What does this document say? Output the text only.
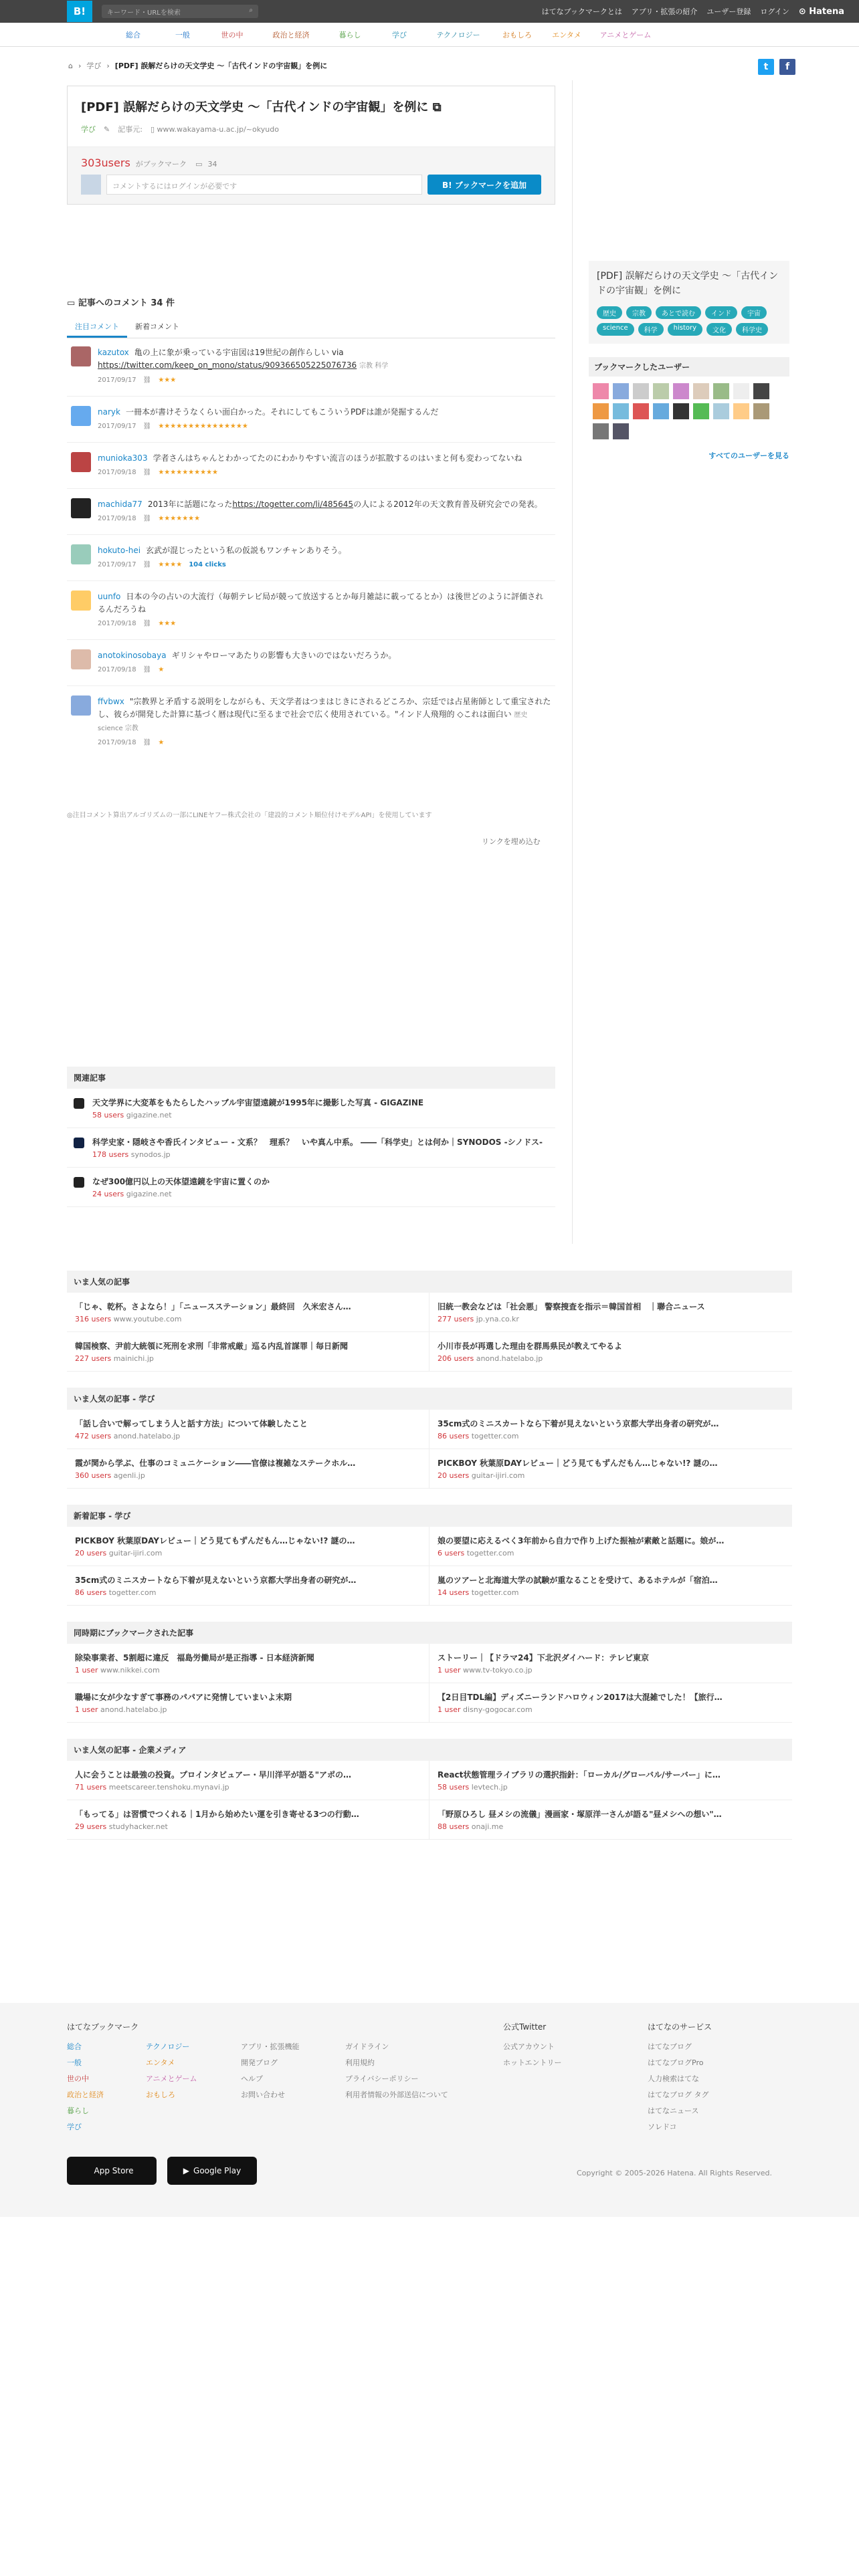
B!	キーワード・URLを検索	⌕	はてなブックマークとは アプリ・拡張の紹介 ユーザー登録 ログイン ⊙ Hatena
総合	一般	世の中	政治と経済	暮らし	学び	テクノロジー	おもしろ	エンタメ	アニメとゲーム
⌂ › 学び › [PDF] 誤解だらけの天文学史 〜「古代インドの宇宙観」を例に	t	f
[PDF] 誤解だらけの天文学史 〜「古代インドの宇宙観」を例に ⧉
学び ✎ 記事元: ▯ www.wakayama-u.ac.jp/~okyudo
303users がブックマーク ▭ 34
コメントするにはログインが必要です	B! ブックマークを追加
[PDF] 誤解だらけの天文学史 〜「古代インドの宇宙観」を例に
歴史	宗教	あとで読む	インド	宇宙
science	科学	history	文化	科学史
ブックマークしたユーザー
すべてのユーザーを見る
▭ 記事へのコメント 34 件
注目コメント	新着コメント
kazutox 亀の上に象が乗っている宇宙図は19世紀の創作らしい via
https://twitter.com/keep_on_mono/status/909366505225076736 宗教 科学
2017/09/17 ⛓ ★★★
naryk 一冊本が書けそうなくらい面白かった。それにしてもこういうPDFは誰が発掘するんだ
2017/09/17 ⛓ ★★★★★★★★★★★★★★★
munioka303 学者さんはちゃんとわかってたのにわかりやすい流言のほうが拡散するのはいまと何も変わってないね
2017/09/18 ⛓ ★★★★★★★★★★
machida77 2013年に話題になったhttps://togetter.com/li/485645の人による2012年の天文教育普及研究会での発表。
2017/09/18 ⛓ ★★★★★★★
hokuto-hei 玄武が混じったという私の仮説もワンチャンありそう。
2017/09/17 ⛓ ★★★★ 104 clicks
uunfo 日本の今の占いの大流行（毎朝テレビ局が競って放送するとか毎月雑誌に載ってるとか）は後世どのように評価されるんだろうね
2017/09/18 ⛓ ★★★
anotokinosobaya ギリシャやローマあたりの影響も大きいのではないだろうか。
2017/09/18 ⛓ ★
ffvbwx "宗教界と矛盾する説明をしながらも、天文学者はつまはじきにされるどころか、宗廷では占星術師として重宝されたし、彼らが開発した計算に基づく暦は現代に至るまで社会で広く使用されている。"インド人飛翔的 ◇これは面白い 歴史 science 宗教
2017/09/18 ⛓ ★
◎注目コメント算出アルゴリズムの一部にLINEヤフー株式会社の「建設的コメント順位付けモデルAPI」を使用しています
リンクを埋め込む
関連記事
天文学界に大変革をもたらしたハッブル宇宙望遠鏡が1995年に撮影した写真 - GIGAZINE
58 users gigazine.net
科学史家・隠岐さや香氏インタビュー - 文系？　理系？　いや真ん中系。 ――「科学史」とは何か｜SYNODOS -シノドス-
178 users synodos.jp
なぜ300億円以上の天体望遠鏡を宇宙に置くのか
24 users gigazine.net
いま人気の記事
「じゃ、乾杯。さよなら！」「ニュースステーション」最終回　久米宏さん…
316 users www.youtube.com
旧統一教会などは「社会悪」 警察捜査を指示＝韓国首相　｜聯合ニュース
277 users jp.yna.co.kr
韓国検察、尹前大統領に死刑を求刑「非常戒厳」巡る内乱首謀罪｜毎日新聞
227 users mainichi.jp
小川市長が再選した理由を群馬県民が教えてやるよ
206 users anond.hatelabo.jp
いま人気の記事 - 学び
「話し合いで解ってしまう人と話す方法」について体験したこと
472 users anond.hatelabo.jp
35cm式のミニスカートなら下着が見えないという京都大学出身者の研究が…
86 users togetter.com
霞が関から学ぶ、仕事のコミュニケーション――官僚は複雑なステークホル…
360 users agenli.jp
PICKBOY 秋葉原DAYレビュー｜どう見てもずんだもん…じゃない!? 謎の…
20 users guitar-ijiri.com
新着記事 - 学び
PICKBOY 秋葉原DAYレビュー｜どう見てもずんだもん…じゃない!? 謎の…
20 users guitar-ijiri.com
娘の要望に応えるべく3年前から自力で作り上げた振袖が素敵と話題に。娘が…
6 users togetter.com
35cm式のミニスカートなら下着が見えないという京都大学出身者の研究が…
86 users togetter.com
嵐のツアーと北海道大学の試験が重なることを受けて、あるホテルが「宿泊…
14 users togetter.com
同時期にブックマークされた記事
除染事業者、5割超に違反　福島労働局が是正指導 - 日本経済新聞
1 user www.nikkei.com
ストーリー｜【ドラマ24】下北沢ダイハード：テレビ東京
1 user www.tv-tokyo.co.jp
職場に女が少なすぎて事務のパパアに発情していまいよ末期
1 user anond.hatelabo.jp
【2日目TDL編】ディズニーランドハロウィン2017は大混雑でした！【旅行…
1 user disny-gogocar.com
いま人気の記事 - 企業メディア
人に会うことは最強の投資。プロインタビュアー・早川洋平が語る"アポの…
71 users meetscareer.tenshoku.mynavi.jp
React状態管理ライブラリの選択指針：「ローカル/グローバル/サーバー」に…
58 users levtech.jp
「もってる」は習慣でつくれる｜1月から始めたい運を引き寄せる3つの行動…
29 users studyhacker.net
「野原ひろし 昼メシの流儀」漫画家・塚原洋一さんが語る"昼メシへの想い"…
88 users onaji.me
はてなブックマーク
総合
一般
世の中
政治と経済
暮らし
学び
テクノロジー
エンタメ
アニメとゲーム
おもしろ
アプリ・拡張機能
開発ブログ
ヘルプ
お問い合わせ
ガイドライン
利用規約
プライバシーポリシー
利用者情報の外部送信について
公式Twitter
公式アカウント
ホットエントリー
はてなのサービス
はてなブログ
はてなブログPro
人力検索はてな
はてなブログ タグ
はてなニュース
ソレドコ
App Store	▶ Google Play	Copyright © 2005-2026 Hatena. All Rights Reserved.
